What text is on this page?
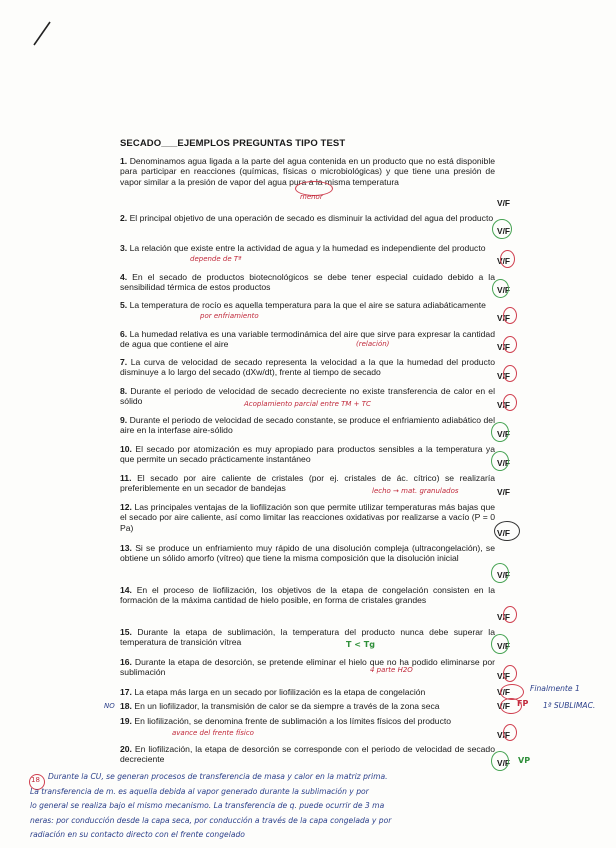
SECADO___EJEMPLOS PREGUNTAS TIPO TEST
1. Denominamos agua ligada a la parte del agua contenida en un producto que no está disponible para participar en reacciones (químicas, físicas o microbiológicas) y que tiene una presión de vapor similar a la presión de vapor del agua pura a la misma temperatura
2. El principal objetivo de una operación de secado es disminuir la actividad del agua del producto
3. La relación que existe entre la actividad de agua y la humedad es independiente del producto
4. En el secado de productos biotecnológicos se debe tener especial cuidado debido a la sensibilidad térmica de estos productos
5. La temperatura de rocío es aquella temperatura para la que el aire se satura adiabáticamente
6. La humedad relativa es una variable termodinámica del aire que sirve para expresar la cantidad de agua que contiene el aire
7. La curva de velocidad de secado representa la velocidad a la que la humedad del producto disminuye a lo largo del secado (dXw/dt), frente al tiempo de secado
8. Durante el periodo de velocidad de secado decreciente no existe transferencia de calor en el sólido
9. Durante el periodo de velocidad de secado constante, se produce el enfriamiento adiabático del aire en la interfase aire-sólido
10. El secado por atomización es muy apropiado para productos sensibles a la temperatura ya que permite un secado prácticamente instantáneo
11. El secado por aire caliente de cristales (por ej. cristales de ác. cítrico) se realizaría preferiblemente en un secador de bandejas
12. Las principales ventajas de la liofilización son que permite utilizar temperaturas más bajas que el secado por aire caliente, así como limitar las reacciones oxidativas por realizarse a vacío (P = 0 Pa)
13. Si se produce un enfriamiento muy rápido de una disolución compleja (ultracongelación), se obtiene un sólido amorfo (vítreo) que tiene la misma composición que la disolución inicial
14. En el proceso de liofilización, los objetivos de la etapa de congelación consisten en la formación de la máxima cantidad de hielo posible, en forma de cristales grandes
15. Durante la etapa de sublimación, la temperatura del producto nunca debe superar la temperatura de transición vítrea
16. Durante la etapa de desorción, se pretende eliminar el hielo que no ha podido eliminarse por sublimación
17. La etapa más larga en un secado por liofilización es la etapa de congelación
18. En un liofilizador, la transmisión de calor se da siempre a través de la zona seca
19. En liofilización, se denomina frente de sublimación a los límites físicos del producto
20. En liofilización, la etapa de desorción se corresponde con el periodo de velocidad de secado decreciente
V/F
V/F
V/F
V/F
V/F
V/F
V/F
V/F
V/F
V/F
V/F
V/F
V/F
V/F
V/F
V/F
V/F
V/F
V/F
V/F
menor
depende de Tª
por enfriamiento
(relación)
Acoplamiento parcial entre TM + TC
lecho → mat. granulados
T < Tg
4 parte H2O
Finalmente 1
1ª SUBLIMAC.
NO	FP
avance del frente físico
VP
18	Durante la CU, se generan procesos de transferencia de masa y calor en la matriz prima.
La transferencia de m. es aquella debida al vapor generado durante la sublimación y por
lo general se realiza bajo el mismo mecanismo. La transferencia de q. puede ocurrir de 3 ma
neras: por conducción desde la capa seca, por conducción a través de la capa congelada y por
radiación en su contacto directo con el frente congelado
